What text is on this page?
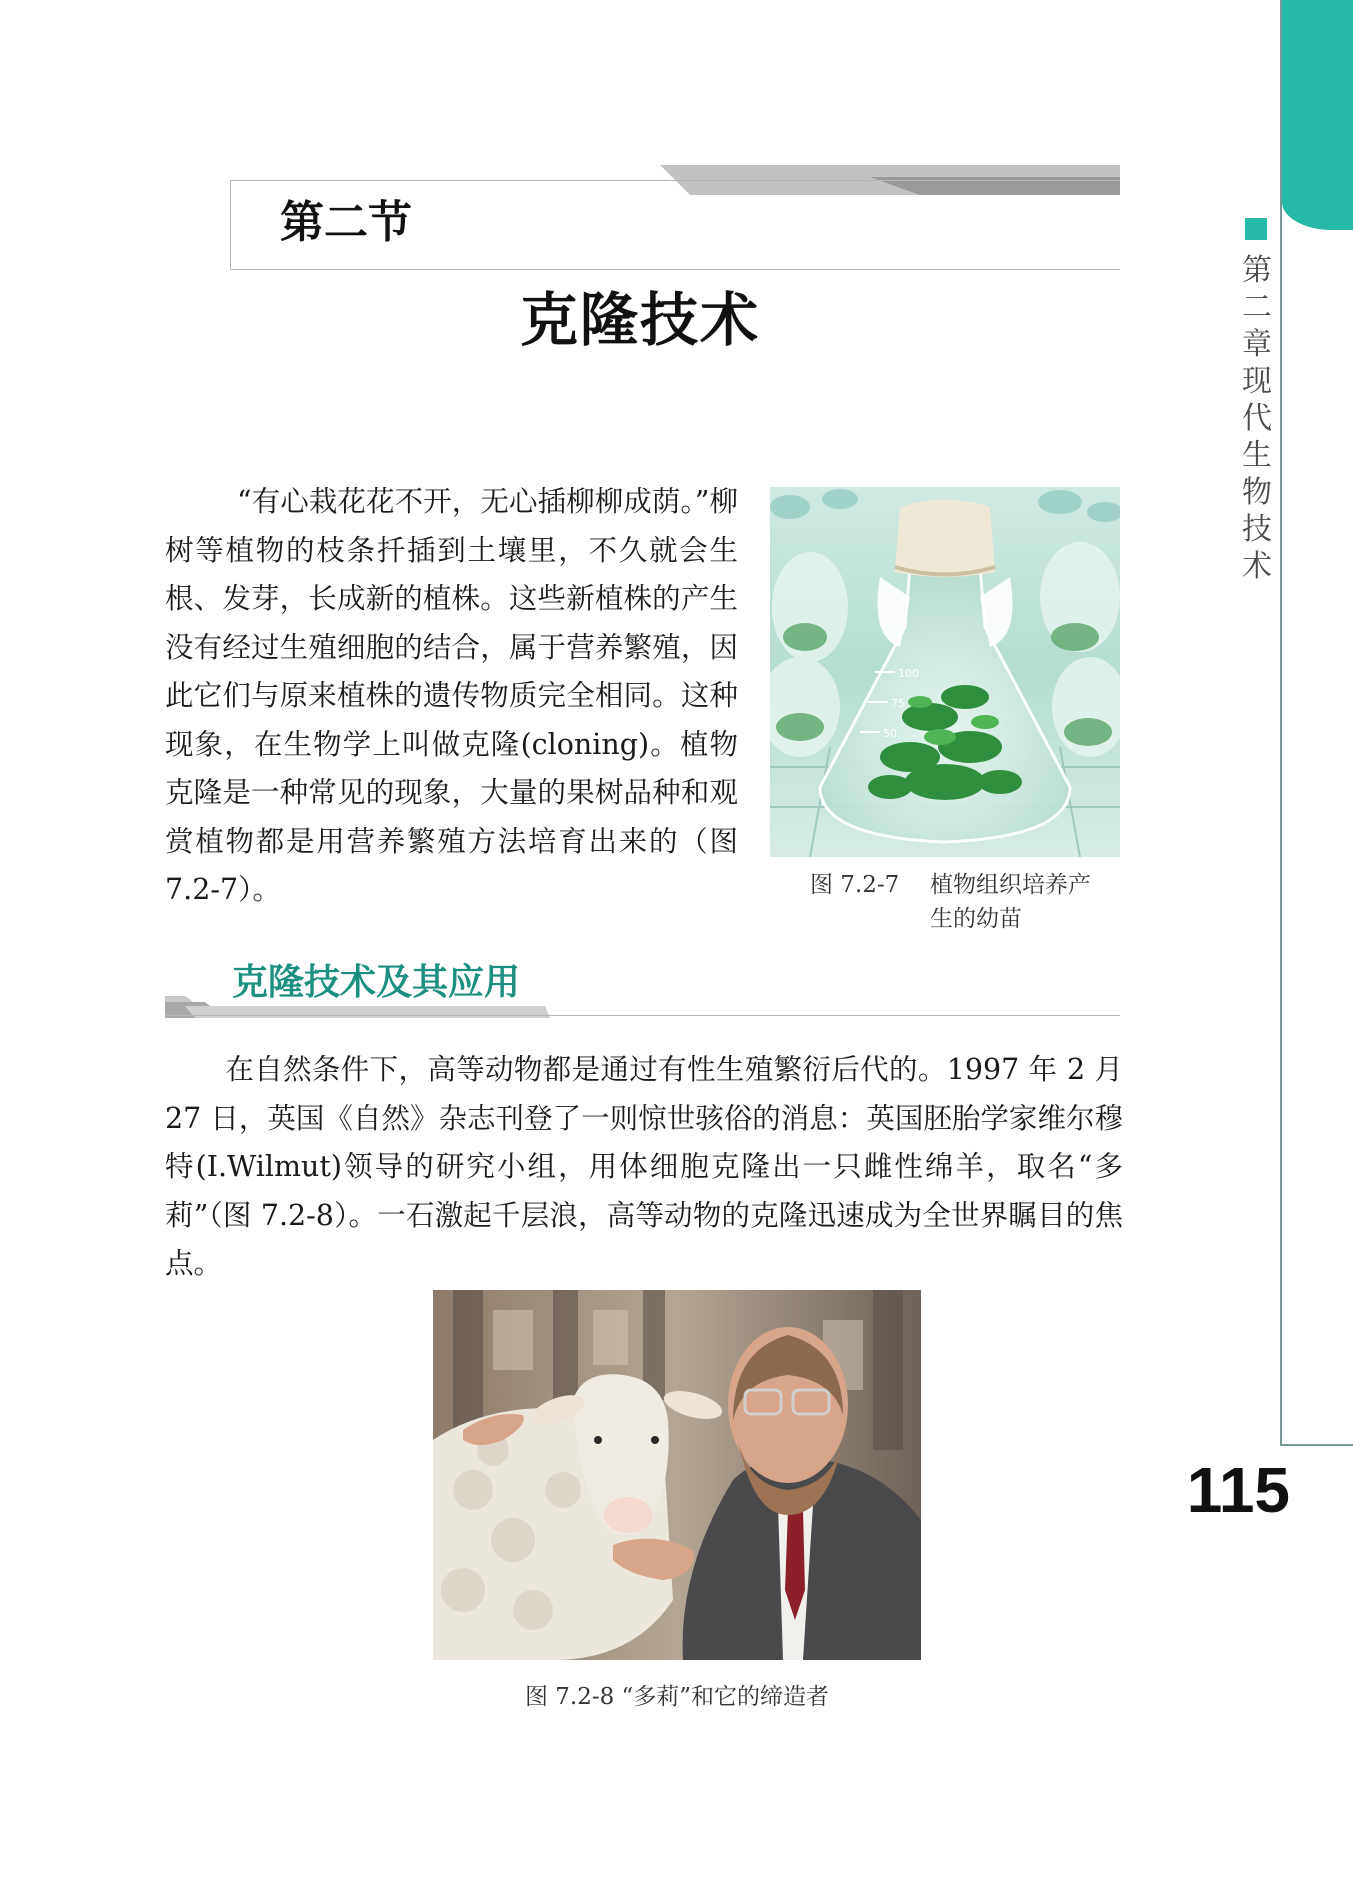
第二章 现代生物技术
115
第二节
克隆技术
“有心栽花花不开，无心插柳柳成荫。”柳树等植物的枝条扦插到土壤里，不久就会生根、发芽，长成新的植株。这些新植株的产生没有经过生殖细胞的结合，属于营养繁殖，因此它们与原来植株的遗传物质完全相同。这种现象，在生物学上叫做克隆(cloning)。植物克隆是一种常见的现象，大量的果树品种和观赏植物都是用营养繁殖方法培育出来的（图 7.2-7）。
100
75
50
图 7.2-7 植物组织培养产生的幼苗
克隆技术及其应用
在自然条件下，高等动物都是通过有性生殖繁衍后代的。1997 年 2 月 27 日，英国《自然》杂志刊登了一则惊世骇俗的消息：英国胚胎学家维尔穆特(I.Wilmut)领导的研究小组，用体细胞克隆出一只雌性绵羊，取名“多莉”（图 7.2-8）。一石激起千层浪，高等动物的克隆迅速成为全世界瞩目的焦点。
图 7.2-8 “多莉”和它的缔造者
